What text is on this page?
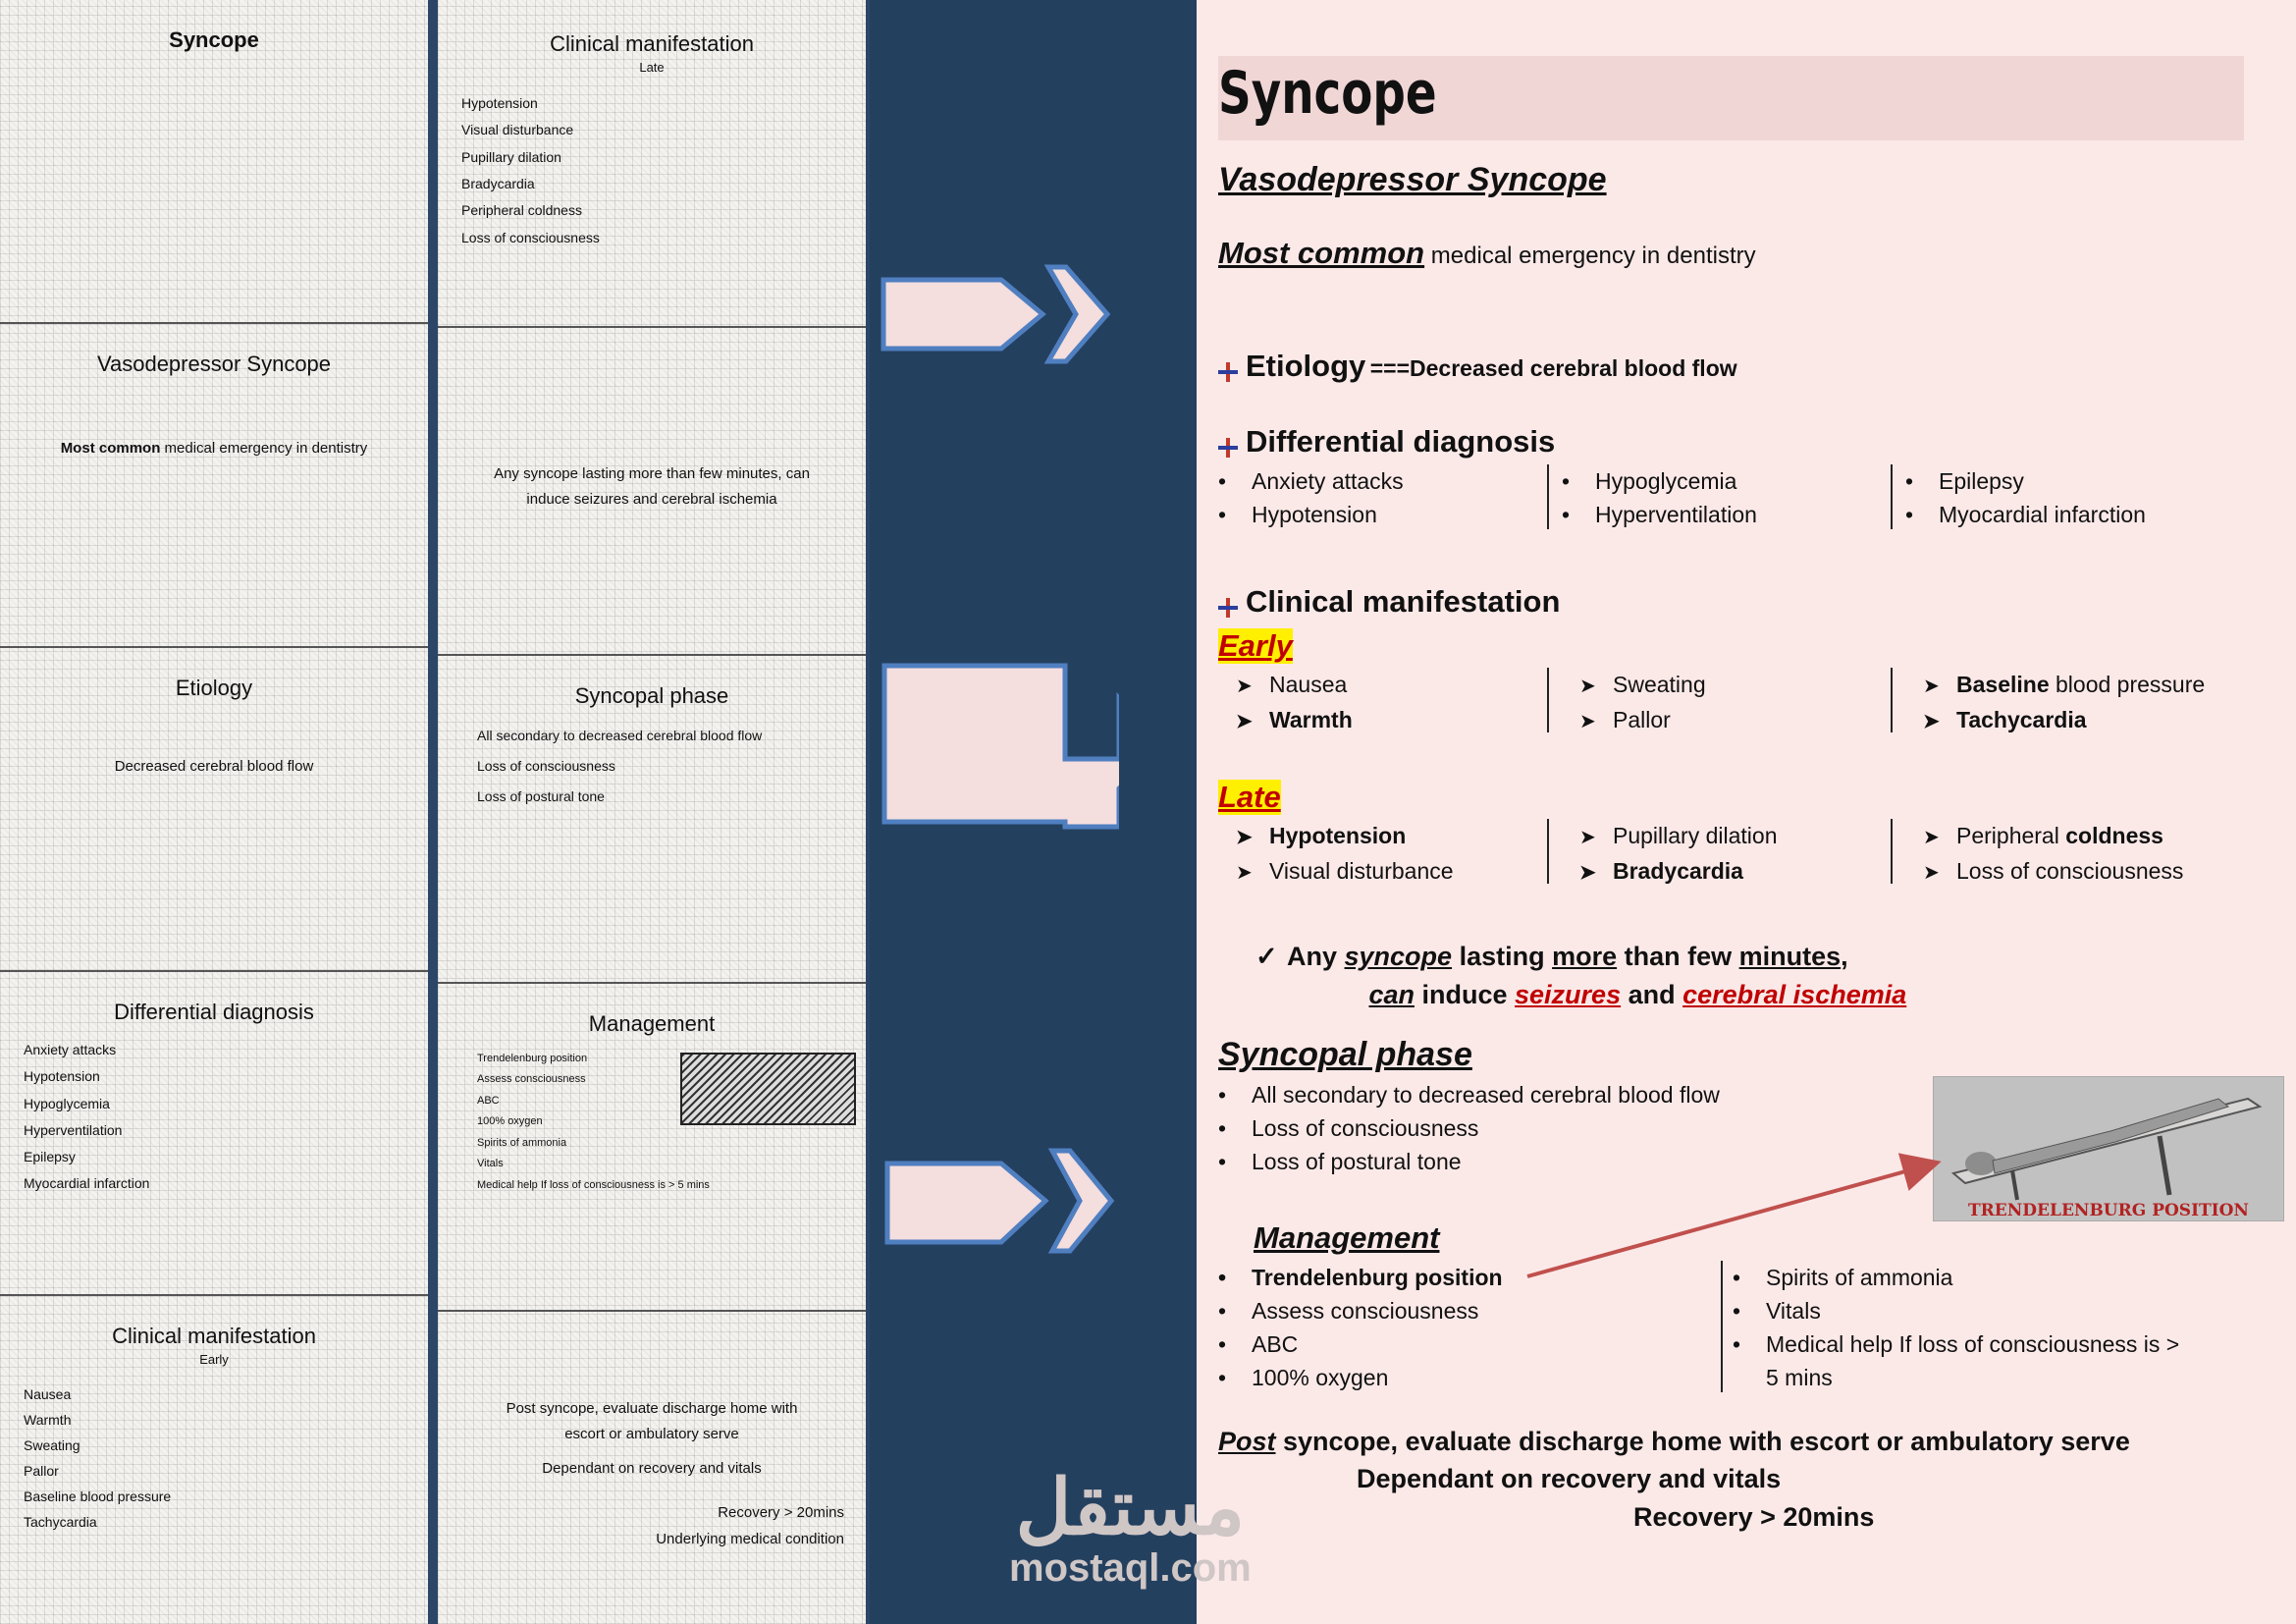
Syncope
Vasodepressor Syncope
Most common medical emergency in dentistry
Etiology
Decreased cerebral blood flow
Differential diagnosis
Anxiety attacks
Hypotension
Hypoglycemia
Hyperventilation
Epilepsy
Myocardial infarction
Clinical manifestation
Early
Nausea
Warmth
Sweating
Pallor
Baseline blood pressure
Tachycardia
Clinical manifestation
Late
Hypotension
Visual disturbance
Pupillary dilation
Bradycardia
Peripheral coldness
Loss of consciousness
Any syncope lasting more than few minutes, can induce seizures and cerebral ischemia
Syncopal phase
All secondary to decreased cerebral blood flow
Loss of consciousness
Loss of postural tone
Management
Trendelenburg position
Assess consciousness
ABC
100% oxygen
Spirits of ammonia
Vitals
Medical help If loss of consciousness is > 5 mins
Post syncope, evaluate discharge home with escort or ambulatory serve
Dependant on recovery and vitals
Recovery > 20mins
Underlying medical condition
Syncope
Vasodepressor Syncope
Most common medical emergency in dentistry
Etiology ===Decreased cerebral blood flow
Differential diagnosis
• Anxiety attacks
• Hypotension
• Hypoglycemia
• Hyperventilation
• Epilepsy
• Myocardial infarction
Clinical manifestation
Early
➤ Nausea
➤ Warmth
➤ Sweating
➤ Pallor
➤ Baseline blood pressure
➤ Tachycardia
Late
➤ Hypotension
➤ Visual disturbance
➤ Pupillary dilation
➤ Bradycardia
➤ Peripheral coldness
➤ Loss of consciousness
✓ Any syncope lasting more than few minutes,
can induce seizures and cerebral ischemia
Syncopal phase
• All secondary to decreased cerebral blood flow
• Loss of consciousness
• Loss of postural tone
Management
• Trendelenburg position
• Assess consciousness
• ABC
• 100% oxygen
• Spirits of ammonia
• Vitals
• Medical help If loss of consciousness is >
5 mins
Post syncope, evaluate discharge home with escort or ambulatory serve
Dependant on recovery and vitals
Recovery > 20mins
TRENDELENBURG POSITION
مستقل
mostaql.com
